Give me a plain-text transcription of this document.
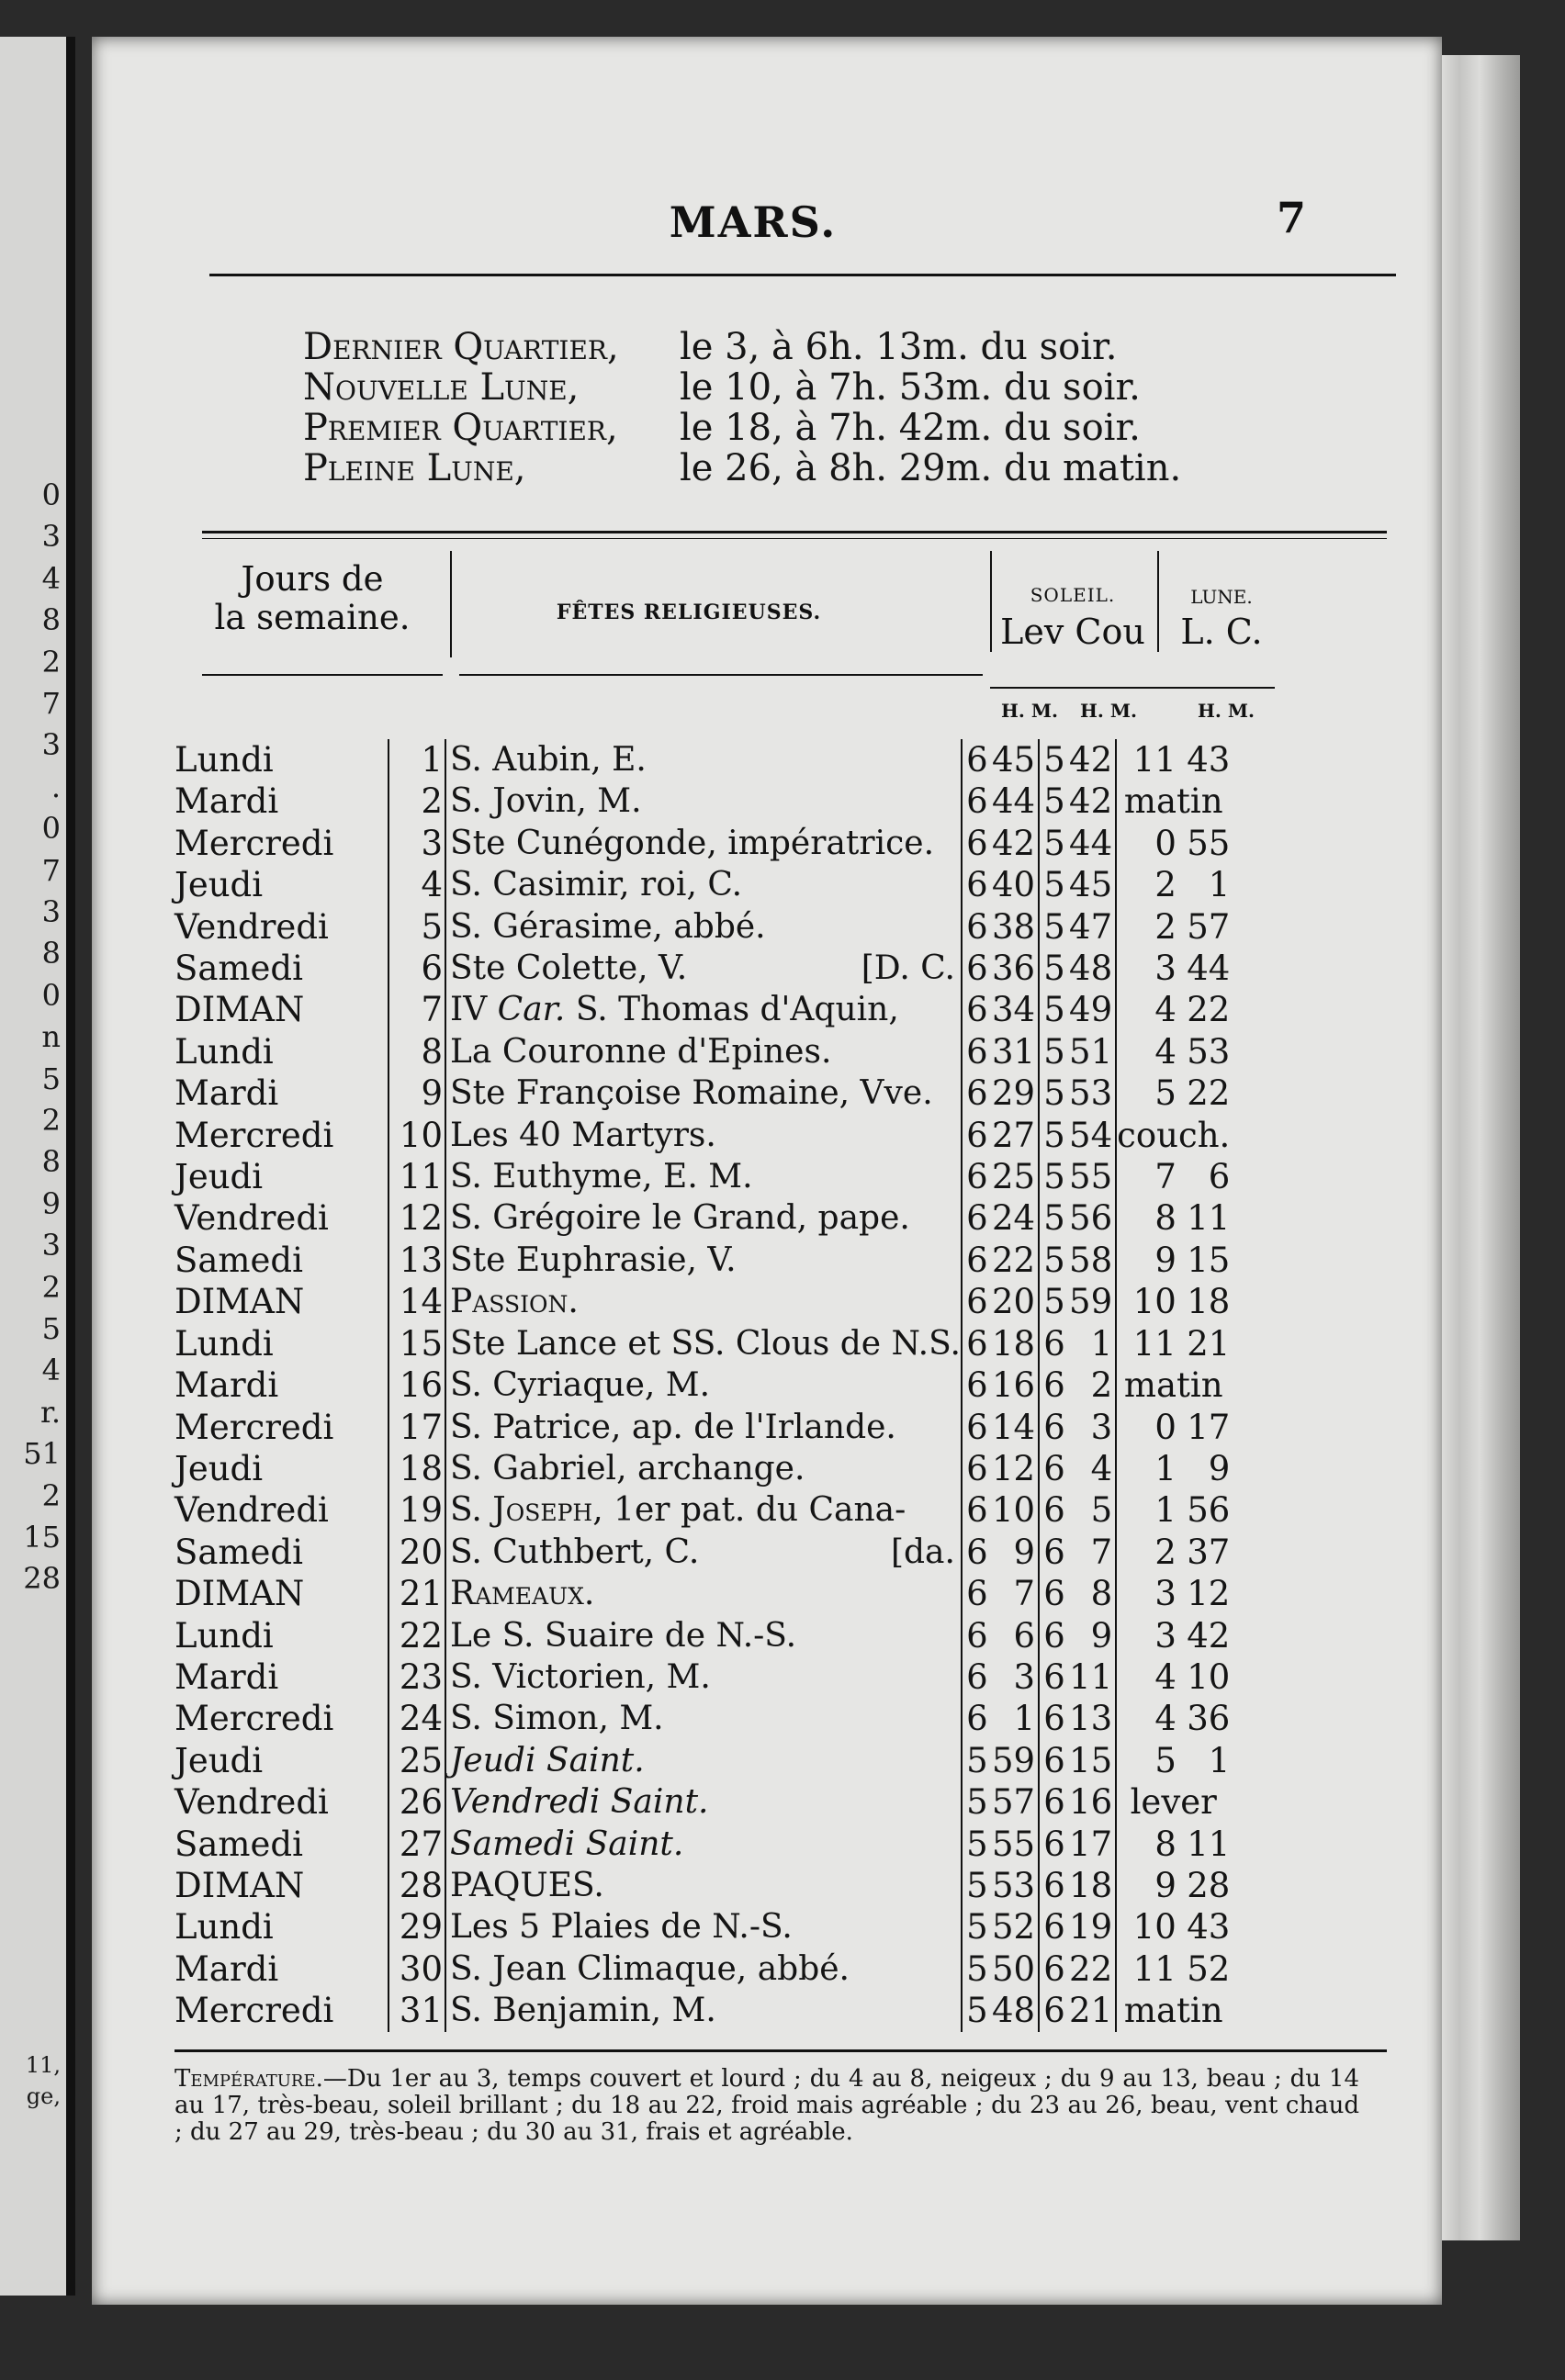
0
3
4
8
2
7
3
.
0
7
3
8
0
n
5
2
8
9
3
2
5
4
r.
51
2
15
28
11,
ge,
MARS.	7
Dernier Quartier, le 3, à 6h. 13m. du soir.
Nouvelle Lune,	le 10, à 7h. 53m. du soir.
Premier Quartier, le 18, à 7h. 42m. du soir.
Pleine Lune,	le 26, à 8h. 29m. du matin.
Jours de
la semaine.	FÊTES RELIGIEUSES.
SOLEIL.
Lev Cou
LUNE.
L. C.
H. M.	H. M.	H. M.
Lundi	1	S. Aubin, E.	6	45	5	42	11	43
Mardi	2	S. Jovin, M.	6	44	5	42	matin	
Mercredi	3	Ste Cunégonde, impératrice.	6	42	5	44	0	55
Jeudi	4	S. Casimir, roi, C.	6	40	5	45	2	1
Vendredi	5	S. Gérasime, abbé.	6	38	5	47	2	57
Samedi	6	Ste Colette, V. [D. C.	6	36	5	48	3	44
DIMAN	7	IV Car. S. Thomas d'Aquin,	6	34	5	49	4	22
Lundi	8	La Couronne d'Epines.	6	31	5	51	4	53
Mardi	9	Ste Françoise Romaine, Vve.	6	29	5	53	5	22
Mercredi	10	Les 40 Martyrs.	6	27	5	54	couch.	
Jeudi	11	S. Euthyme, E. M.	6	25	5	55	7	6
Vendredi	12	S. Grégoire le Grand, pape.	6	24	5	56	8	11
Samedi	13	Ste Euphrasie, V.	6	22	5	58	9	15
DIMAN	14	Passion.	6	20	5	59	10	18
Lundi	15	Ste Lance et SS. Clous de N.S.	6	18	6	1	11	21
Mardi	16	S. Cyriaque, M.	6	16	6	2	matin	
Mercredi	17	S. Patrice, ap. de l'Irlande.	6	14	6	3	0	17
Jeudi	18	S. Gabriel, archange.	6	12	6	4	1	9
Vendredi	19	S. Joseph, 1er pat. du Cana-	6	10	6	5	1	56
Samedi	20	S. Cuthbert, C. [da.	6	9	6	7	2	37
DIMAN	21	Rameaux.	6	7	6	8	3	12
Lundi	22	Le S. Suaire de N.-S.	6	6	6	9	3	42
Mardi	23	S. Victorien, M.	6	3	6	11	4	10
Mercredi	24	S. Simon, M.	6	1	6	13	4	36
Jeudi	25	Jeudi Saint.	5	59	6	15	5	1
Vendredi	26	Vendredi Saint.	5	57	6	16	lever	
Samedi	27	Samedi Saint.	5	55	6	17	8	11
DIMAN	28	PAQUES.	5	53	6	18	9	28
Lundi	29	Les 5 Plaies de N.-S.	5	52	6	19	10	43
Mardi	30	S. Jean Climaque, abbé.	5	50	6	22	11	52
Mercredi	31	S. Benjamin, M.	5	48	6	21	matin	
Température.—Du 1er au 3, temps couvert et lourd ; du 4 au 8, neigeux ; du 9 au 13, beau ; du 14 au 17, très-beau, soleil brillant ; du 18 au 22, froid mais agréable ; du 23 au 26, beau, vent chaud ; du 27 au 29, très-beau ; du 30 au 31, frais et agréable.
